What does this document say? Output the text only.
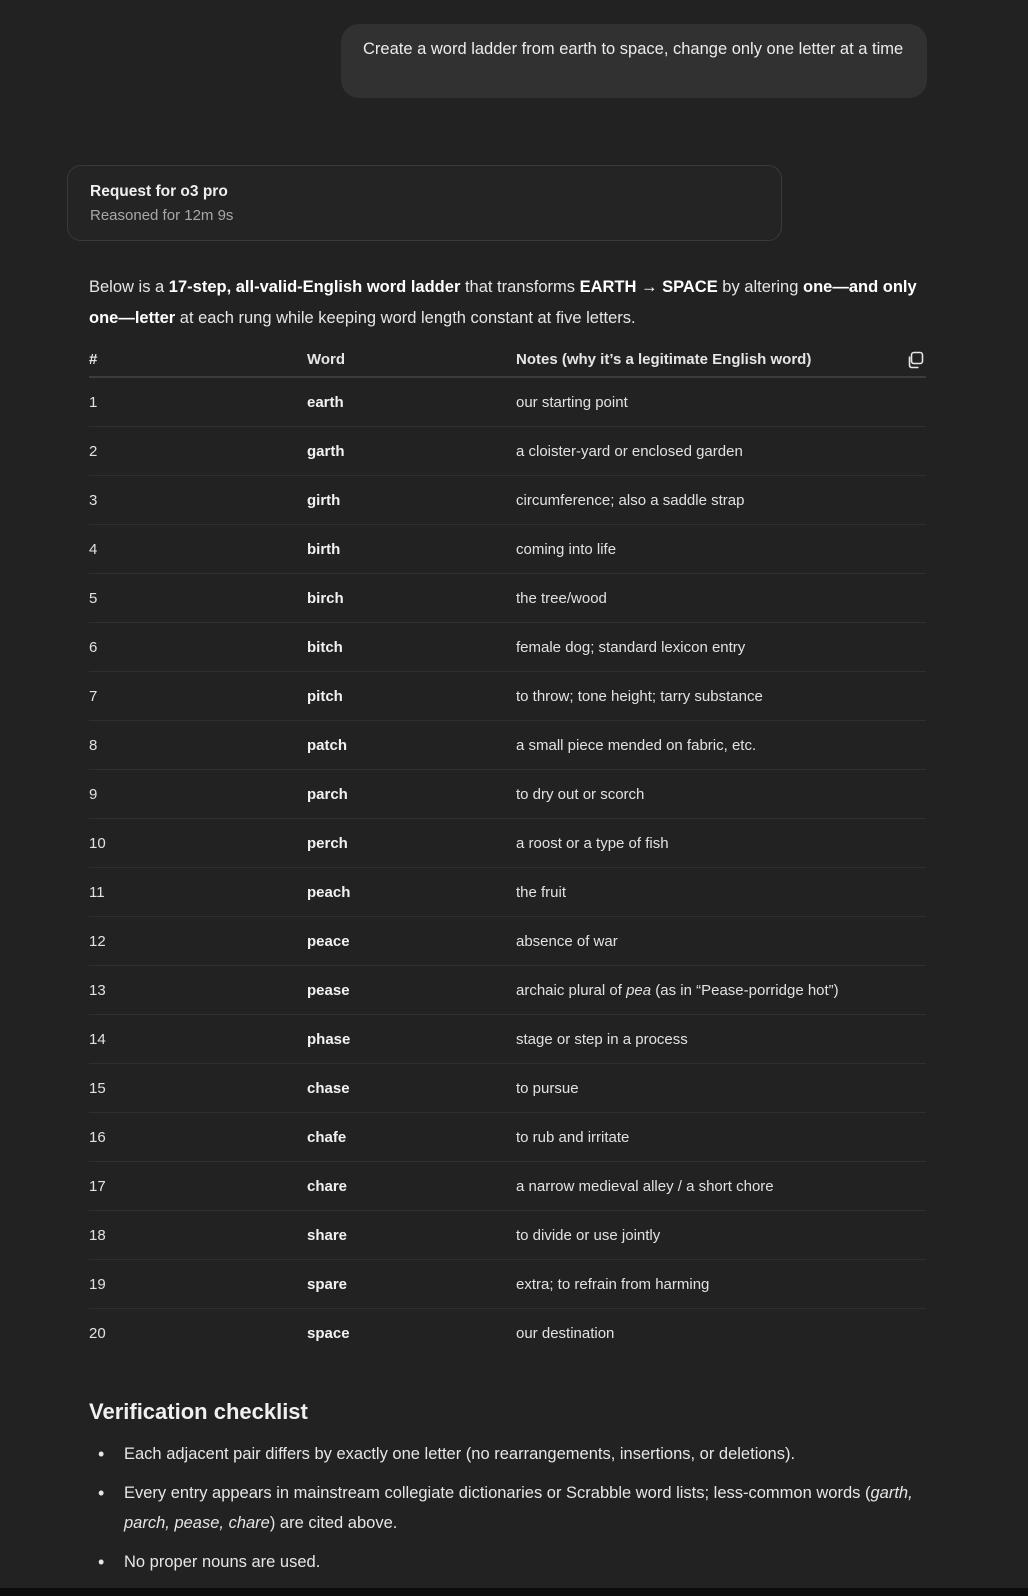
Create a word ladder from earth to space, change only one letter at a time
Request for o3 pro
Reasoned for 12m 9s
Below is a 17-step, all-valid-English word ladder that transforms EARTH → SPACE by altering one—and only one—letter at each rung while keeping word length constant at five letters.
#	Word	Notes (why it’s a legitimate English word)
1	earth	our starting point
2	garth	a cloister-yard or enclosed garden
3	girth	circumference; also a saddle strap
4	birth	coming into life
5	birch	the tree/wood
6	bitch	female dog; standard lexicon entry
7	pitch	to throw; tone height; tarry substance
8	patch	a small piece mended on fabric, etc.
9	parch	to dry out or scorch
10	perch	a roost or a type of fish
11	peach	the fruit
12	peace	absence of war
13	pease	archaic plural of pea (as in “Pease-porridge hot”)
14	phase	stage or step in a process
15	chase	to pursue
16	chafe	to rub and irritate
17	chare	a narrow medieval alley / a short chore
18	share	to divide or use jointly
19	spare	extra; to refrain from harming
20	space	our destination
Verification checklist
• Each adjacent pair differs by exactly one letter (no rearrangements, insertions, or deletions).
• Every entry appears in mainstream collegiate dictionaries or Scrabble word lists; less-common words (garth, parch, pease, chare) are cited above.
• No proper nouns are used.
